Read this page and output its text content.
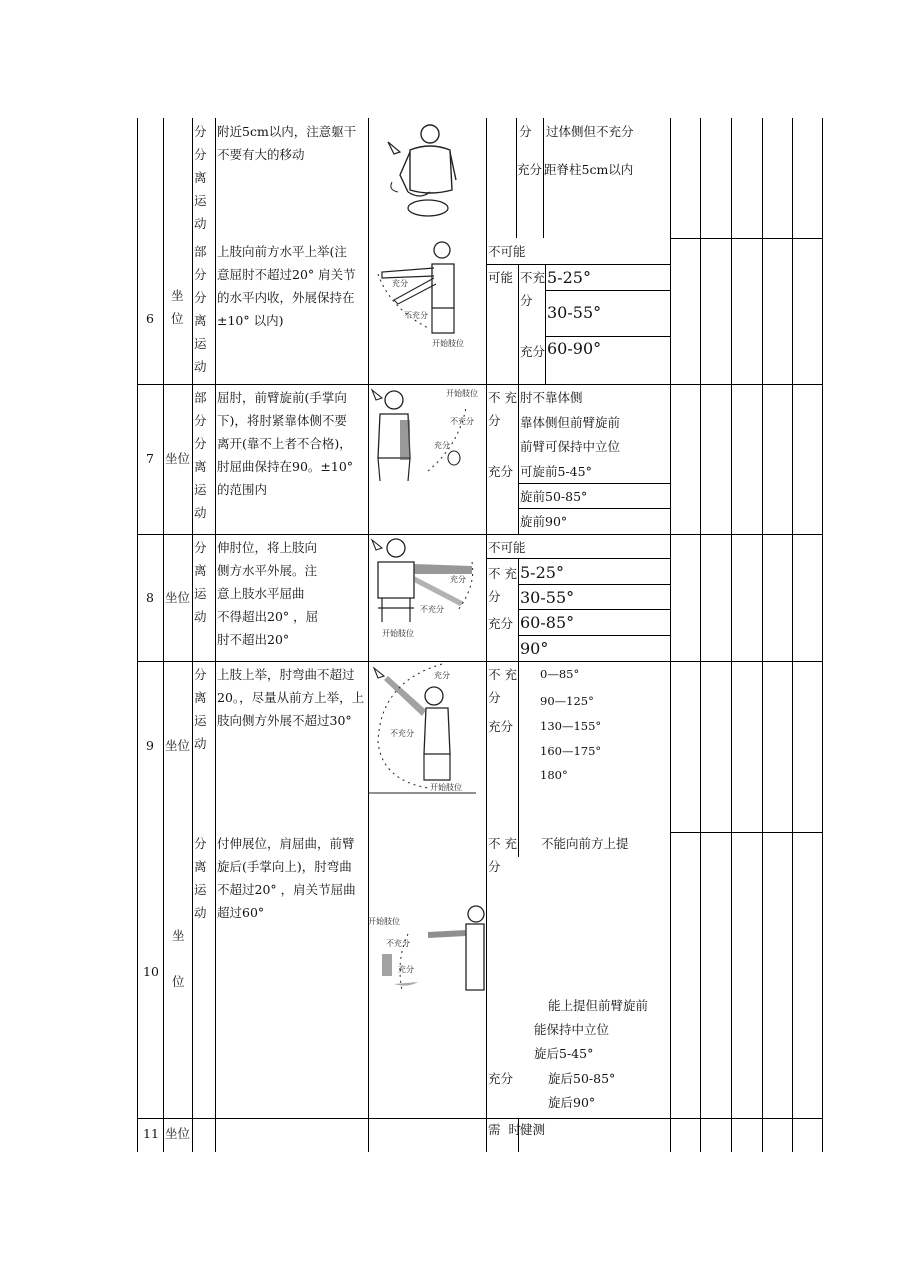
6
坐
位
分
分
离
运
动
附近5cm以内，注意躯干
不要有大的移动
分 过体侧但不充分
充分 距脊柱5cm以内
部
分
分
离
运
动
上肢向前方水平上举(注
意屈肘不超过20° 肩关节
的水平内收，外展保持在
±10° 以内)
不可能
可能 不充
分
充分
5-25°
30-55°
60-90°
充分
不充分
开始肢位
7 坐位
部
分
分
离
运
动
屈肘，前臂旋前(手掌向
下)，将肘紧靠体侧不要
离开(靠不上者不合格)，
肘屈曲保持在90。±10°
的范围内
不 充
分
充分
肘不靠体侧
靠体侧但前臂旋前
前臂可保持中立位
可旋前5-45°
旋前50-85°
旋前90°
开始肢位
不充分
充分
8 坐位
分
离
运
动
伸肘位，将上肢向
侧方水平外展。注
意上肢水平屈曲
不得超出20° ，屈
肘不超出20°
不可能
不 充
分
充分
5-25°
30-55°
60-85°
90°
充分
不充分
开始肢位
9 坐位
分
离
运
动
上肢上举，肘弯曲不超过
20。，尽量从前方上举，上
肢向侧方外展不超过30°
不 充
分
充分
0—85°
90—125°
130—155°
160—175°
180°
充分
不充分
开始肢位
10
坐

位
分
离
运
动
付伸展位，肩屈曲，前臂
旋后(手掌向上)，肘弯曲
不超过20° ，肩关节屈曲
超过60°
不 充
分
充分
不能向前方上提
能上提但前臂旋前
能保持中立位
旋后5-45°
旋后50-85°
旋后90°
开始肢位
不充分
充分
11 坐位	需  时 健测
